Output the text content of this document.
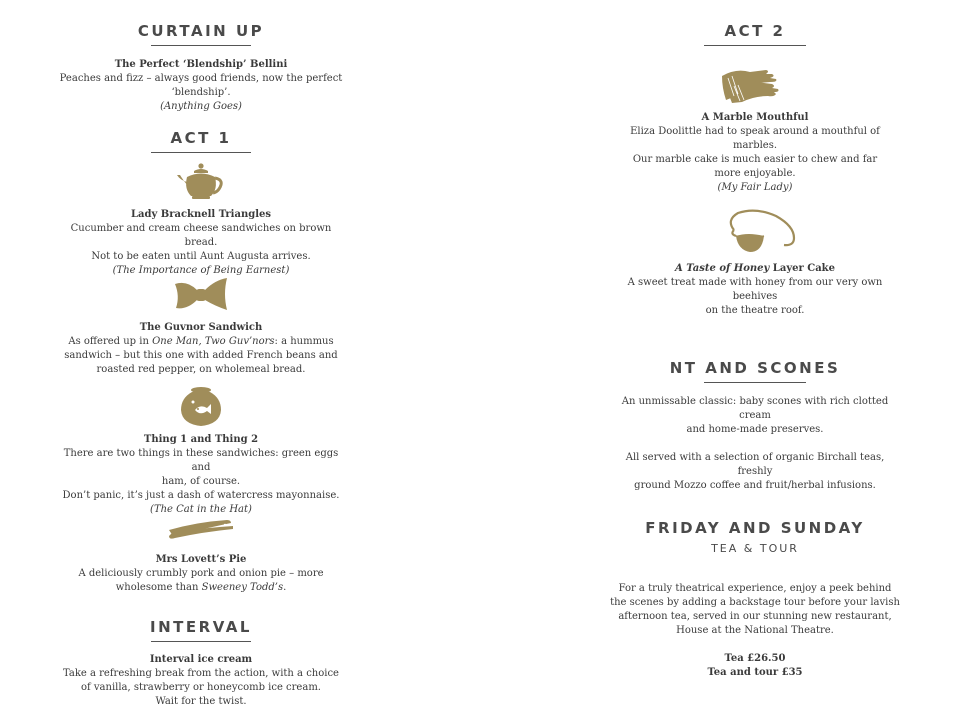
CURTAIN UP
The Perfect ‘Blendship’ Bellini
Peaches and fizz – always good friends, now the perfect
‘blendship’.
(Anything Goes)
ACT 1
Lady Bracknell Triangles
Cucumber and cream cheese sandwiches on brown bread.
Not to be eaten until Aunt Augusta arrives.
(The Importance of Being Earnest)
The Guvnor Sandwich
As offered up in One Man, Two Guv’nors: a hummus
sandwich – but this one with added French beans and
roasted red pepper, on wholemeal bread.
Thing 1 and Thing 2
There are two things in these sandwiches: green eggs and
ham, of course.
Don’t panic, it’s just a dash of watercress mayonnaise.
(The Cat in the Hat)
Mrs Lovett’s Pie
A deliciously crumbly pork and onion pie – more
wholesome than Sweeney Todd’s.
INTERVAL
Interval ice cream
Take a refreshing break from the action, with a choice
of vanilla, strawberry or honeycomb ice cream.
Wait for the twist.
ACT 2
A Marble Mouthful
Eliza Doolittle had to speak around a mouthful of marbles.
Our marble cake is much easier to chew and far
more enjoyable.
(My Fair Lady)
A Taste of Honey Layer Cake
A sweet treat made with honey from our very own beehives
on the theatre roof.
NT AND SCONES
An unmissable classic: baby scones with rich clotted cream
and home-made preserves.
All served with a selection of organic Birchall teas, freshly
ground Mozzo coffee and fruit/herbal infusions.
FRIDAY AND SUNDAY
TEA & TOUR
For a truly theatrical experience, enjoy a peek behind
the scenes by adding a backstage tour before your lavish
afternoon tea, served in our stunning new restaurant,
House at the National Theatre.
Tea £26.50
Tea and tour £35
